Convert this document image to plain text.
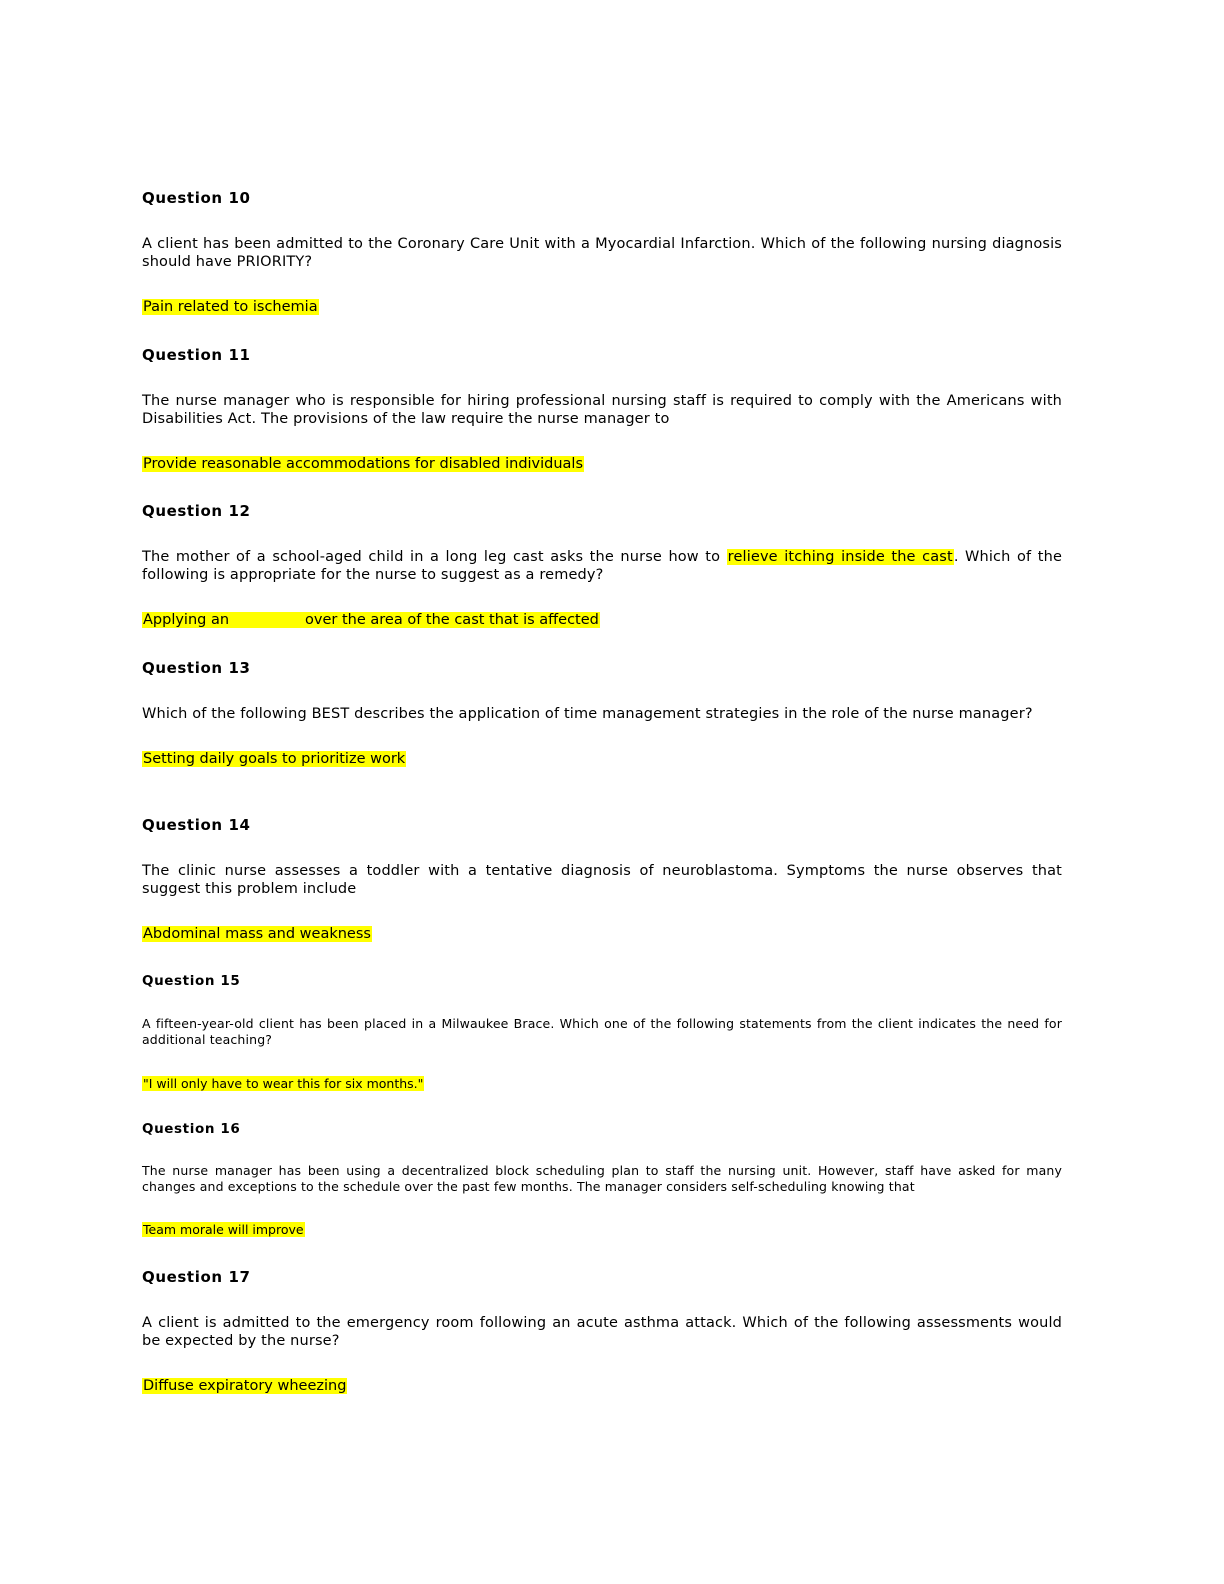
Question 10

A client has been admitted to the Coronary Care Unit with a Myocardial Infarction. Which of the following nursing diagnosis should have PRIORITY?

Pain related to ischemia

Question 11

The nurse manager who is responsible for hiring professional nursing staff is required to comply with the Americans with Disabilities Act. The provisions of the law require the nurse manager to

Provide reasonable accommodations for disabled individuals

Question 12

The mother of a school-aged child in a long leg cast asks the nurse how to relieve itching inside the cast. Which of the following is appropriate for the nurse to suggest as a remedy?

Applying an	over the area of the cast that is affected

Question 13

Which of the following BEST describes the application of time management strategies in the role of the nurse manager?

Setting daily goals to prioritize work

Question 14

The clinic nurse assesses a toddler with a tentative diagnosis of neuroblastoma. Symptoms the nurse observes that suggest this problem include

Abdominal mass and weakness

Question 15

A fifteen-year-old client has been placed in a Milwaukee Brace. Which one of the following statements from the client indicates the need for additional teaching?

"I will only have to wear this for six months."

Question 16

The nurse manager has been using a decentralized block scheduling plan to staff the nursing unit. However, staff have asked for many changes and exceptions to the schedule over the past few months. The manager considers self-scheduling knowing that

Team morale will improve

Question 17

A client is admitted to the emergency room following an acute asthma attack. Which of the following assessments would be expected by the nurse?

Diffuse expiratory wheezing
